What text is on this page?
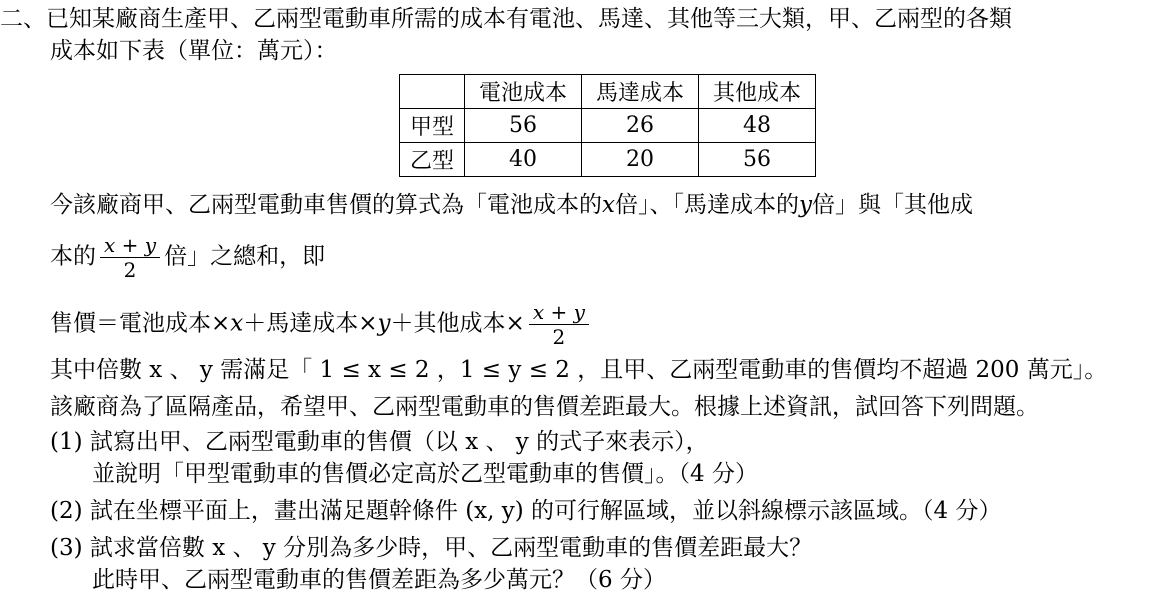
二、已知某廠商生產甲、乙兩型電動車所需的成本有電池、馬達、其他等三大類，甲、乙兩型的各類
成本如下表（單位：萬元）：
	電池成本	馬達成本	其他成本
甲型	56	26	48
乙型	40	20	56
今該廠商甲、乙兩型電動車售價的算式為「電池成本的x倍」、「馬達成本的y倍」與「其他成
本的 $\frac{x + y}{2}$ 倍」之總和，即
售價＝電池成本×x＋馬達成本×y＋其他成本× $\frac{x + y}{2}$
其中倍數 x 、 y 需滿足「 1 ≤ x ≤ 2 ，1 ≤ y ≤ 2 ，且甲、乙兩型電動車的售價均不超過 200 萬元」。
該廠商為了區隔產品，希望甲、乙兩型電動車的售價差距最大。根據上述資訊，試回答下列問題。
(1) 試寫出甲、乙兩型電動車的售價（以 x 、 y 的式子來表示），
並說明「甲型電動車的售價必定高於乙型電動車的售價」。（4 分）
(2) 試在坐標平面上，畫出滿足題幹條件 (x, y) 的可行解區域，並以斜線標示該區域。（4 分）
(3) 試求當倍數 x 、 y 分別為多少時，甲、乙兩型電動車的售價差距最大？
此時甲、乙兩型電動車的售價差距為多少萬元？（6 分）
